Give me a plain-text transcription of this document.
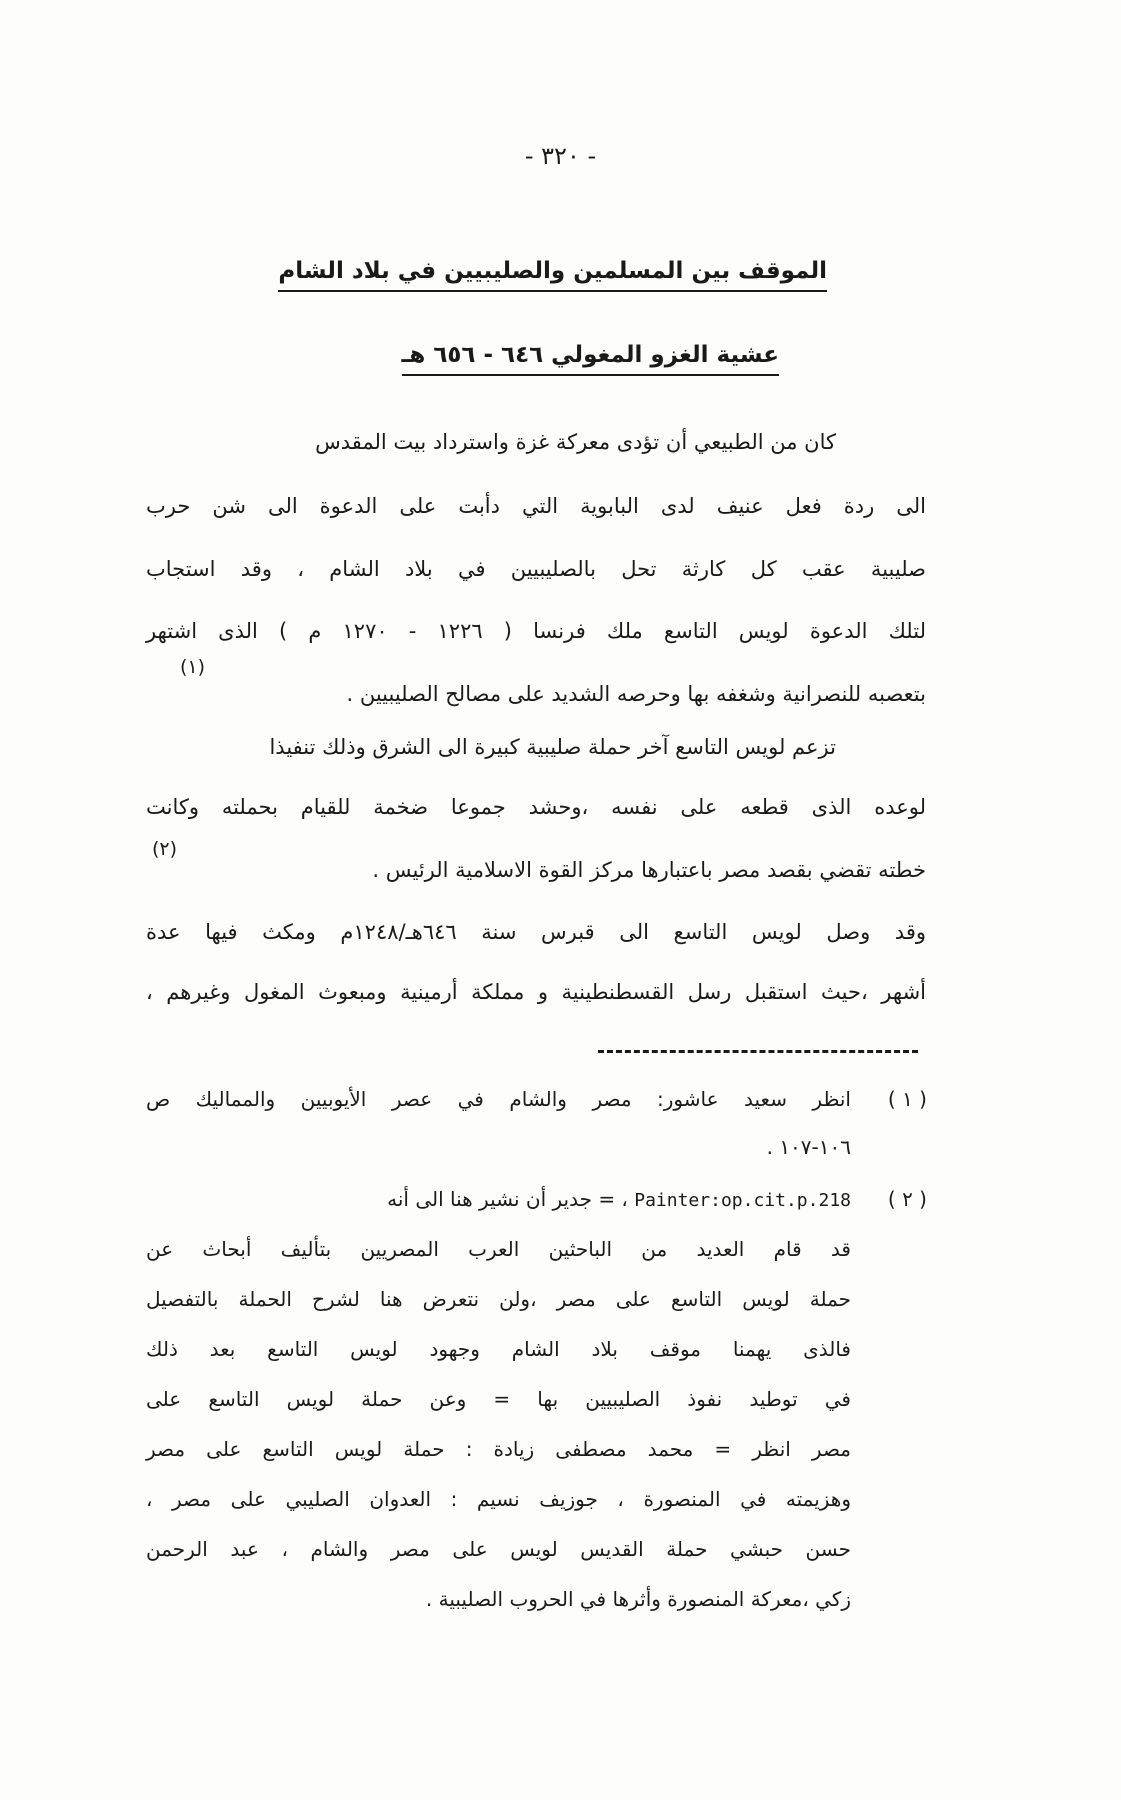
- ٣٢٠ -
الموقف بين المسلمين والصليبيين في بلاد الشام
عشية الغزو المغولي ٦٤٦ - ٦٥٦ هـ
كان من الطبيعي أن تؤدى معركة غزة واسترداد بيت المقدس
الى ردة فعل عنيف لدى البابوية التي دأبت على الدعوة الى شن حرب
صليبية عقب كل كارثة تحل بالصليبيين في بلاد الشام ، وقد استجاب
لتلك الدعوة لويس التاسع ملك فرنسا ( ١٢٢٦ - ١٢٧٠ م ) الذى اشتهر
(١)
بتعصبه للنصرانية وشغفه بها وحرصه الشديد على مصالح الصليبيين .
تزعم لويس التاسع آخر حملة صليبية كبيرة الى الشرق وذلك تنفيذا
لوعده الذى قطعه على نفسه ،وحشد جموعا ضخمة للقيام بحملته وكانت
(٢)
خطته تقضي بقصد مصر باعتبارها مركز القوة الاسلامية الرئيس .
وقد وصل لويس التاسع الى قبرس سنة ٦٤٦هـ/١٢٤٨م ومكث فيها عدة
أشهر ،حيث استقبل رسل القسطنطينية و مملكة أرمينية ومبعوث المغول وغيرهم ،
( ١ )
انظر سعيد عاشور: مصر والشام في عصر الأيوبيين والمماليك ص
١٠٦-١٠٧ .
( ٢ )
Painter:op.cit.p.218 ، = جدير أن نشير هنا الى أنه
قد قام العديد من الباحثين العرب المصريين بتأليف أبحاث عن
حملة لويس التاسع على مصر ،ولن نتعرض هنا لشرح الحملة بالتفصيل
فالذى يهمنا موقف بلاد الشام وجهود لويس التاسع بعد ذلك
في توطيد نفوذ الصليبيين بها = وعن حملة لويس التاسع على
مصر انظر = محمد مصطفى زيادة : حملة لويس التاسع على مصر
وهزيمته في المنصورة ، جوزيف نسيم : العدوان الصليبي على مصر ،
حسن حبشي حملة القديس لويس على مصر والشام ، عبد الرحمن
زكي ،معركة المنصورة وأثرها في الحروب الصليبية .
